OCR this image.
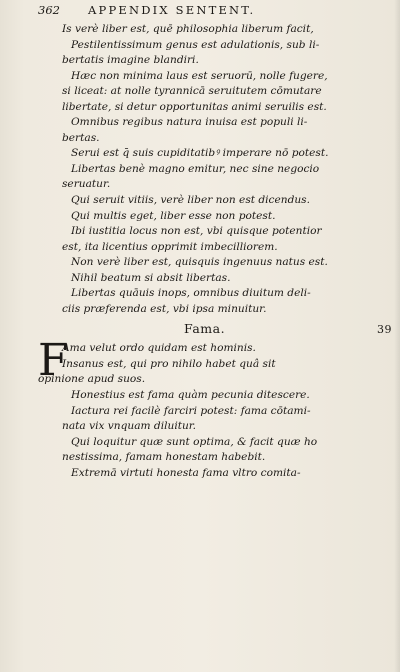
362 APPENDIX SENTENT.
Is verè liber est, quē philosophia liberum facit,
Pestilentissimum genus est adulationis, sub li-
bertatis imagine blandiri.
Hæc non minima laus est seruorū, nolle fugere,
si liceat: at nolle tyrannicā seruitutem cōmutare
libertate, si detur opportunitas animi seruilis est.
Omnibus regibus natura inuisa est populi li-
bertas.
Serui est q̄ suis cupiditatibꝰ imperare nō potest.
Libertas benè magno emitur, nec sine negocio
seruatur.
Qui seruit vitiis, verè liber non est dicendus.
Qui multis eget, liber esse non potest.
Ibi iustitia locus non est, vbi quisque potentior
est, ita licentius opprimit imbecilliorem.
Non verè liber est, quisquis ingenuus natus est.
Nihil beatum si absit libertas.
Libertas quāuis inops, omnibus diuitum deli-
ciis præferenda est, vbi ipsa minuitur.
Fama.	39
F
Ama velut ordo quidam est hominis.
Insanus est, qui pro nihilo habet quâ sit
opinione apud suos.
Honestius est fama quàm pecunia ditescere.
Iactura rei facilè farciri potest: fama cōtami-
nata vix vnquam diluitur.
Qui loquitur quæ sunt optima, & facit quæ ho
nestissima, famam honestam habebit.
Extremā virtuti honesta fama vltro comita-
